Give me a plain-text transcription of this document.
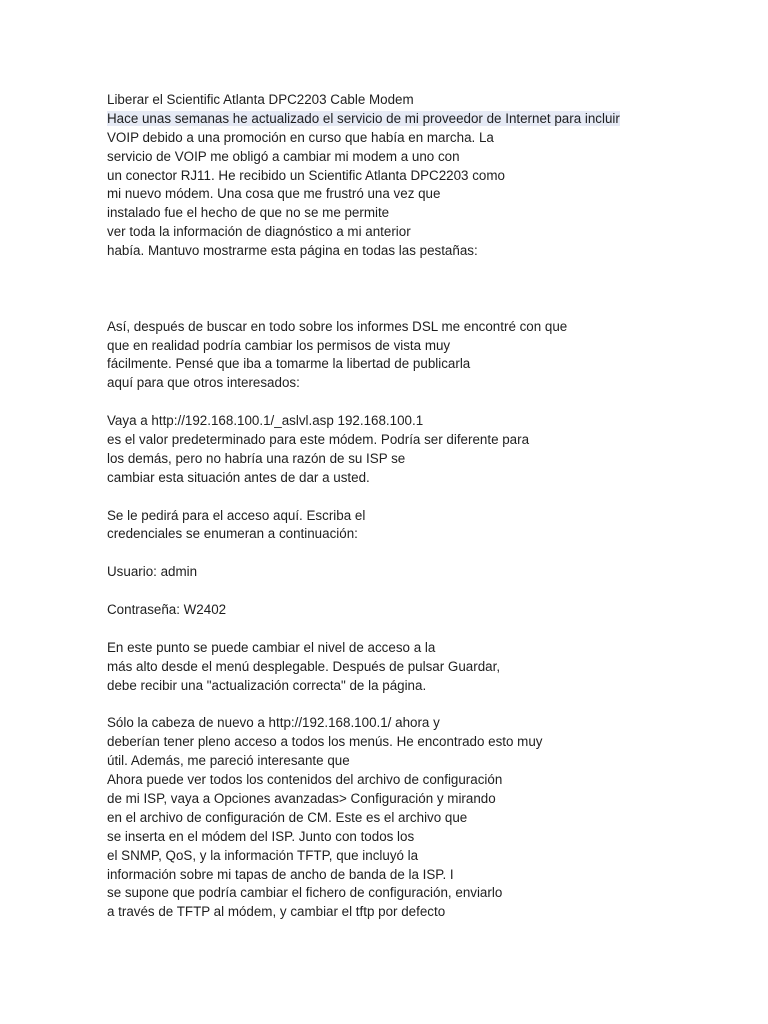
Liberar el Scientific Atlanta DPC2203 Cable Modem
Hace unas semanas he actualizado el servicio de mi proveedor de Internet para incluir
VOIP debido a una promoción en curso que había en marcha. La
servicio de VOIP me obligó a cambiar mi modem a uno con
un conector RJ11. He recibido un Scientific Atlanta DPC2203 como
mi nuevo módem. Una cosa que me frustró una vez que
instalado fue el hecho de que no se me permite
ver toda la información de diagnóstico a mi anterior
había. Mantuvo mostrarme esta página en todas las pestañas:
Así, después de buscar en todo sobre los informes DSL me encontré con que
que en realidad podría cambiar los permisos de vista muy
fácilmente. Pensé que iba a tomarme la libertad de publicarla
aquí para que otros interesados:
Vaya a http://192.168.100.1/_aslvl.asp 192.168.100.1
es el valor predeterminado para este módem. Podría ser diferente para
los demás, pero no habría una razón de su ISP se
cambiar esta situación antes de dar a usted.
Se le pedirá para el acceso aquí. Escriba el
credenciales se enumeran a continuación:
Usuario: admin
Contraseña: W2402
En este punto se puede cambiar el nivel de acceso a la
más alto desde el menú desplegable. Después de pulsar Guardar,
debe recibir una "actualización correcta" de la página.
Sólo la cabeza de nuevo a http://192.168.100.1/ ahora y
deberían tener pleno acceso a todos los menús. He encontrado esto muy
útil. Además, me pareció interesante que
Ahora puede ver todos los contenidos del archivo de configuración
de mi ISP, vaya a Opciones avanzadas> Configuración y mirando
en el archivo de configuración de CM. Este es el archivo que
se inserta en el módem del ISP. Junto con todos los
el SNMP, QoS, y la información TFTP, que incluyó la
información sobre mi tapas de ancho de banda de la ISP. I
se supone que podría cambiar el fichero de configuración, enviarlo
a través de TFTP al módem, y cambiar el tftp por defecto
